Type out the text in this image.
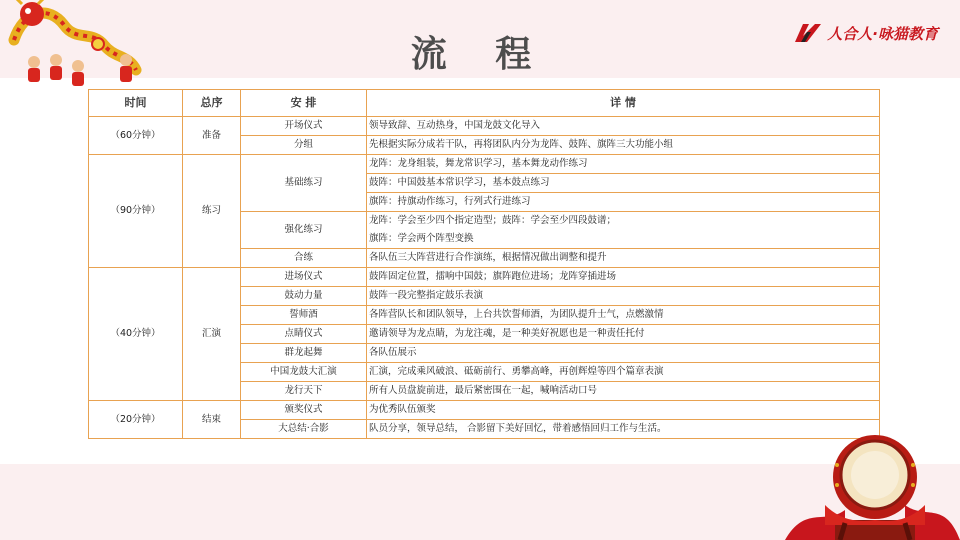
流 程
人合人·咏猫教育
时间	总序	安 排	详 情
（60分钟）	准备	开场仪式	领导致辞、互动热身，中国龙鼓文化导入
		分组	先根据实际分成若干队，再将团队内分为龙阵、鼓阵、旗阵三大功能小组
（90分钟）	练习	基础练习	龙阵：龙身组装，舞龙常识学习，基本舞龙动作练习
			鼓阵：中国鼓基本常识学习，基本鼓点练习
			旗阵：持旗动作练习，行列式行进练习
		强化练习	龙阵：学会至少四个指定造型；鼓阵：学会至少四段鼓谱；
			旗阵：学会两个阵型变换
		合练	各队伍三大阵营进行合作演练，根据情况做出调整和提升
（40分钟）	汇演	进场仪式	鼓阵固定位置，擂响中国鼓；旗阵跑位进场；龙阵穿插进场
		鼓动力量	鼓阵一段完整指定鼓乐表演
		誓师酒	各阵营队长和团队领导，上台共饮誓师酒，为团队提升士气，点燃激情
		点睛仪式	邀请领导为龙点睛，为龙注魂，是一种美好祝愿也是一种责任托付
		群龙起舞	各队伍展示
		中国龙鼓大汇演	汇演，完成乘风破浪、砥砺前行、勇攀高峰，再创辉煌等四个篇章表演
		龙行天下	所有人员盘旋前进，最后紧密围在一起，喊响活动口号
（20分钟）	结束	颁奖仪式	为优秀队伍颁奖
		大总结·合影	队员分享，领导总结， 合影留下美好回忆，带着感悟回归工作与生活。
